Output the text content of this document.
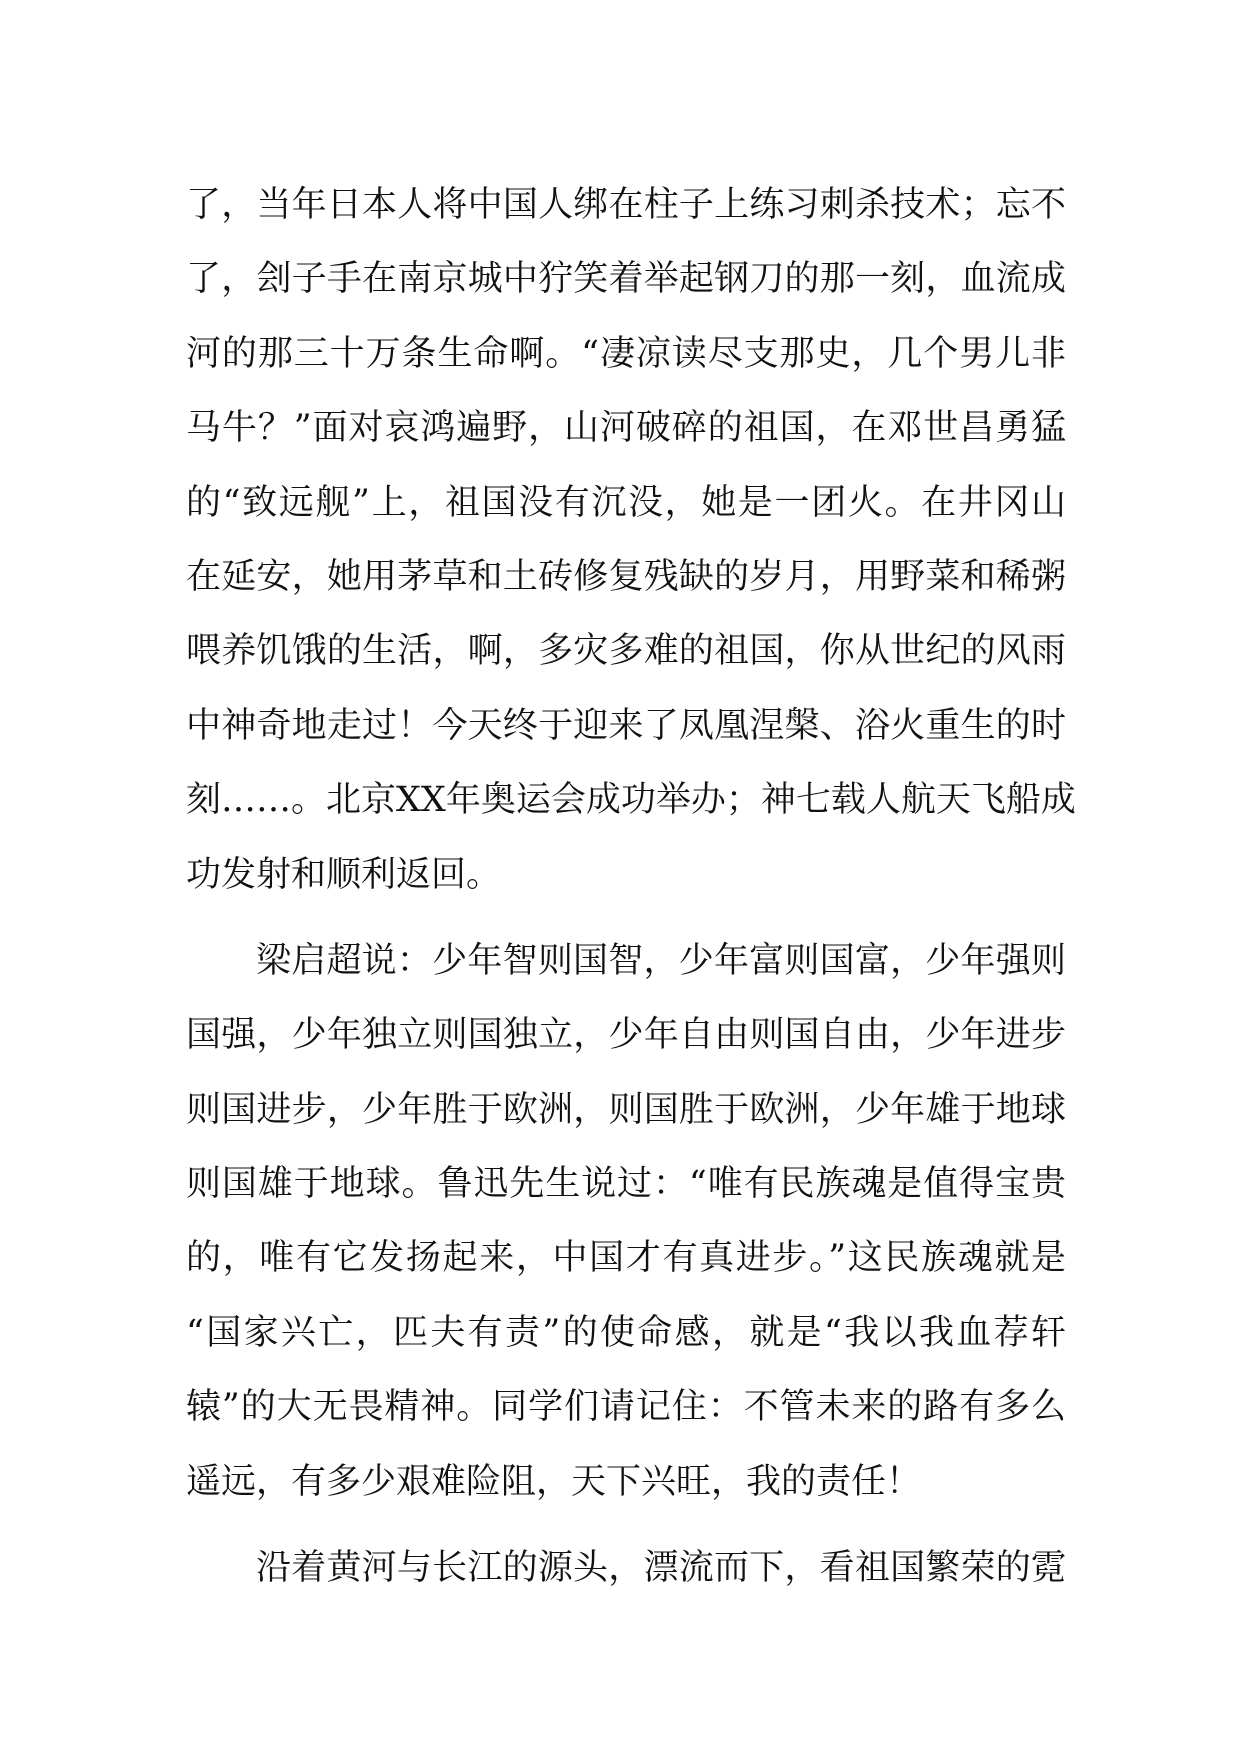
了，当年日本人将中国人绑在柱子上练习刺杀技术；忘不
了，刽子手在南京城中狞笑着举起钢刀的那一刻，血流成
河的那三十万条生命啊。“凄凉读尽支那史，几个男儿非
马牛？”面对哀鸿遍野，山河破碎的祖国，在邓世昌勇猛
的“致远舰”上，祖国没有沉没，她是一团火。在井冈山
在延安，她用茅草和土砖修复残缺的岁月，用野菜和稀粥
喂养饥饿的生活，啊，多灾多难的祖国，你从世纪的风雨
中神奇地走过！今天终于迎来了凤凰涅槃、浴火重生的时
刻……。北京XX年奥运会成功举办；神七载人航天飞船成
功发射和顺利返回。
梁启超说：少年智则国智，少年富则国富，少年强则
国强，少年独立则国独立，少年自由则国自由，少年进步
则国进步，少年胜于欧洲，则国胜于欧洲，少年雄于地球
则国雄于地球。鲁迅先生说过：“唯有民族魂是值得宝贵
的，唯有它发扬起来，中国才有真进步。”这民族魂就是
“国家兴亡，匹夫有责”的使命感，就是“我以我血荐轩
辕”的大无畏精神。同学们请记住：不管未来的路有多么
遥远，有多少艰难险阻，天下兴旺，我的责任！
沿着黄河与长江的源头，漂流而下，看祖国繁荣的霓
